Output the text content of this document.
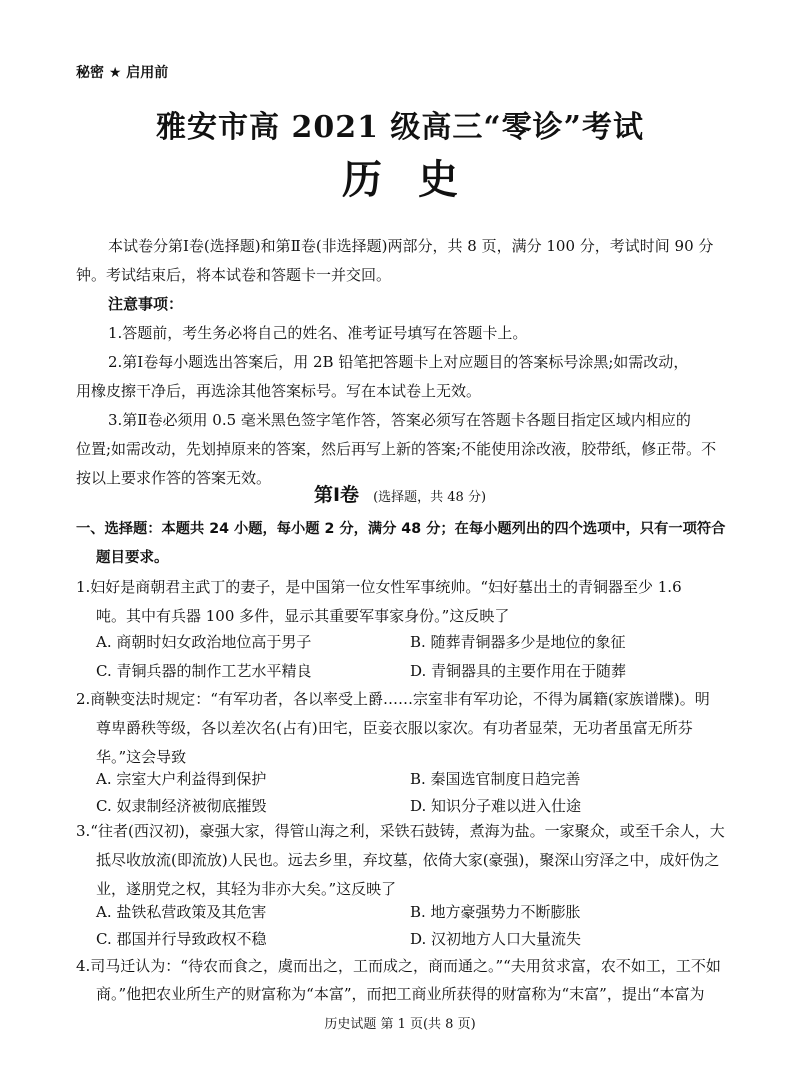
秘密 ★ 启用前
雅安市高 2021 级高三“零诊”考试
历史
本试卷分第Ⅰ卷(选择题)和第Ⅱ卷(非选择题)两部分，共 8 页，满分 100 分，考试时间 90 分
钟。考试结束后，将本试卷和答题卡一并交回。
注意事项：
1.答题前，考生务必将自己的姓名、准考证号填写在答题卡上。
2.第Ⅰ卷每小题选出答案后，用 2B 铅笔把答题卡上对应题目的答案标号涂黑;如需改动，
用橡皮擦干净后，再选涂其他答案标号。写在本试卷上无效。
3.第Ⅱ卷必须用 0.5 毫米黑色签字笔作答，答案必须写在答题卡各题目指定区域内相应的
位置;如需改动，先划掉原来的答案，然后再写上新的答案;不能使用涂改液，胶带纸，修正带。不
按以上要求作答的答案无效。
第Ⅰ卷 (选择题，共 48 分)
一、选择题：本题共 24 小题，每小题 2 分，满分 48 分；在每小题列出的四个选项中，只有一项符合
题目要求。
1.妇好是商朝君主武丁的妻子，是中国第一位女性军事统帅。“妇好墓出土的青铜器至少 1.6
吨。其中有兵器 100 多件，显示其重要军事家身份。”这反映了
A. 商朝时妇女政治地位高于男子	B. 随葬青铜器多少是地位的象征
C. 青铜兵器的制作工艺水平精良	D. 青铜器具的主要作用在于随葬
2.商鞅变法时规定：“有军功者，各以率受上爵……宗室非有军功论，不得为属籍(家族谱牒)。明
尊卑爵秩等级，各以差次名(占有)田宅，臣妾衣服以家次。有功者显荣，无功者虽富无所芬
华。”这会导致
A. 宗室大户利益得到保护	B. 秦国选官制度日趋完善
C. 奴隶制经济被彻底摧毁	D. 知识分子难以进入仕途
3.“往者(西汉初)，豪强大家，得管山海之利，采铁石鼓铸，煮海为盐。一家聚众，或至千余人，大
抵尽收放流(即流放)人民也。远去乡里，弃坟墓，依倚大家(豪强)，聚深山穷泽之中，成奸伪之
业，遂朋党之权，其轻为非亦大矣。”这反映了
A. 盐铁私营政策及其危害	B. 地方豪强势力不断膨胀
C. 郡国并行导致政权不稳	D. 汉初地方人口大量流失
4.司马迁认为：“待农而食之，虞而出之，工而成之，商而通之。”“夫用贫求富，农不如工，工不如
商。”他把农业所生产的财富称为“本富”，而把工商业所获得的财富称为“末富”，提出“本富为
历史试题 第 1 页(共 8 页)
